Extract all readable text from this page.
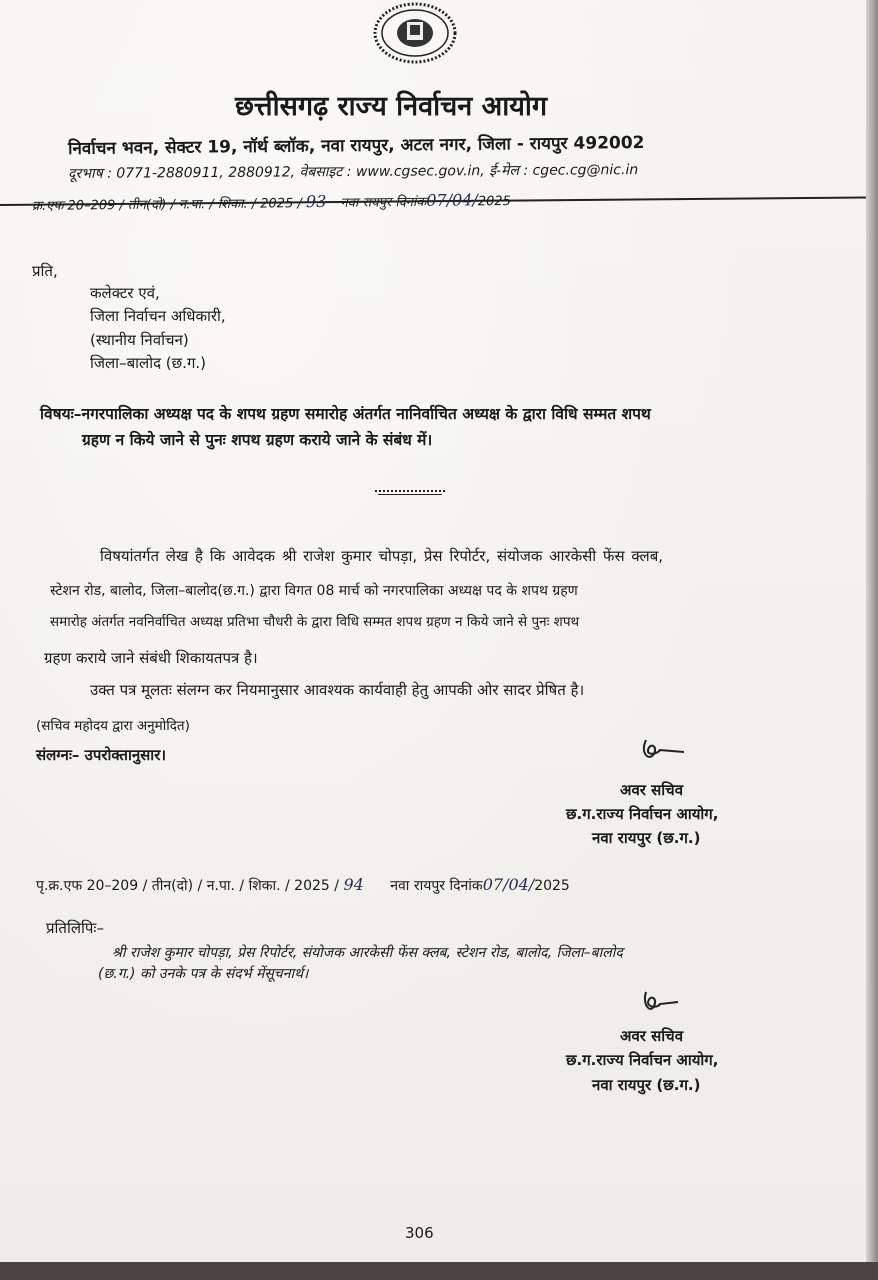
छत्तीसगढ़ राज्य निर्वाचन आयोग
निर्वाचन भवन, सेक्टर 19, नॉर्थ ब्लॉक, नवा रायपुर, अटल नगर, जिला - रायपुर 492002
दूरभाष : 0771-2880911, 2880912, वेबसाइट : www.cgsec.gov.in, ई-मेल : cgec.cg@nic.in
क्र.एफ 20–209 / तीन(दो) / न.पा. / शिका. / 2025 / 93 नवा रायपुर दिनांक07/04/2025
प्रति,
कलेक्टर एवं,
जिला निर्वाचन अधिकारी,
(स्थानीय निर्वाचन)
जिला–बालोद (छ.ग.)
विषयः–नगरपालिका अध्यक्ष पद के शपथ ग्रहण समारोह अंतर्गत नानिर्वाचित अध्यक्ष के द्वारा विधि सम्मत शपथ
ग्रहण न किये जाने से पुनः शपथ ग्रहण कराये जाने के संबंध में।
विषयांतर्गत लेख है कि आवेदक श्री राजेश कुमार चोपड़ा, प्रेस रिपोर्टर, संयोजक आरकेसी फेंस क्लब,
स्टेशन रोड, बालोद, जिला–बालोद(छ.ग.) द्वारा विगत 08 मार्च को नगरपालिका अध्यक्ष पद के शपथ ग्रहण
समारोह अंतर्गत नवनिर्वाचित अध्यक्ष प्रतिभा चौधरी के द्वारा विधि सम्मत शपथ ग्रहण न किये जाने से पुनः शपथ
ग्रहण कराये जाने संबंधी शिकायतपत्र है।
उक्त पत्र मूलतः संलग्न कर नियमानुसार आवश्यक कार्यवाही हेतु आपकी ओर सादर प्रेषित है।
(सचिव महोदय द्वारा अनुमोदित)
संलग्नः– उपरोक्तानुसार।
अवर सचिव
छ.ग.राज्य निर्वाचन आयोग,
नवा रायपुर (छ.ग.)
पृ.क्र.एफ 20–209 / तीन(दो) / न.पा. / शिका. / 2025 / 94 नवा रायपुर दिनांक07/04/2025
प्रतिलिपिः–
श्री राजेश कुमार चोपड़ा, प्रेस रिपोर्टर, संयोजक आरकेसी फेंस क्लब, स्टेशन रोड, बालोद, जिला–बालोद
(छ.ग.) को उनके पत्र के संदर्भ मेंसूचनार्थ।
अवर सचिव
छ.ग.राज्य निर्वाचन आयोग,
नवा रायपुर (छ.ग.)
306
